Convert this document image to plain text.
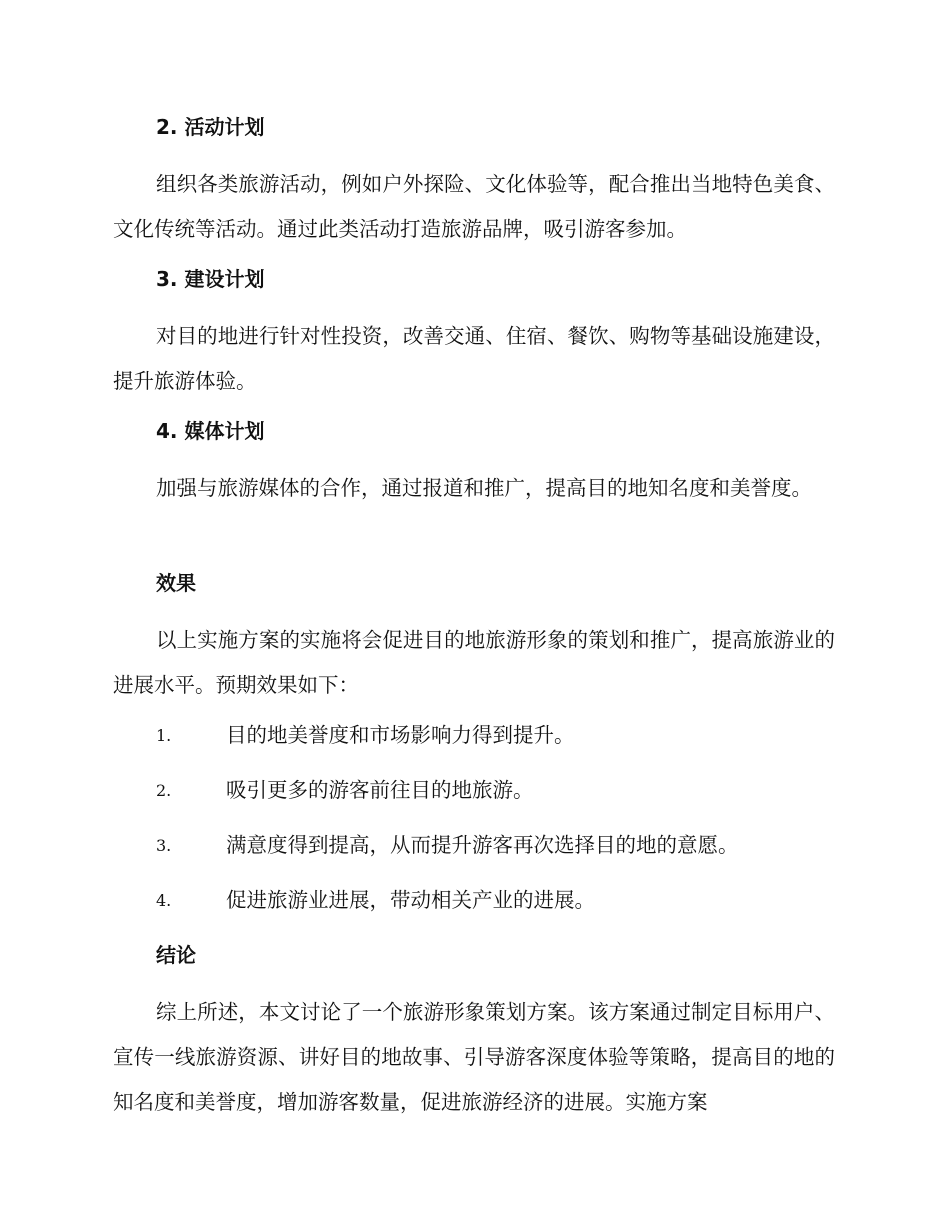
2. 活动计划

组织各类旅游活动，例如户外探险、文化体验等，配合推出当地特色美食、文化传统等活动。通过此类活动打造旅游品牌，吸引游客参加。

3. 建设计划

对目的地进行针对性投资，改善交通、住宿、餐饮、购物等基础设施建设，提升旅游体验。

4. 媒体计划

加强与旅游媒体的合作，通过报道和推广，提高目的地知名度和美誉度。

效果

以上实施方案的实施将会促进目的地旅游形象的策划和推广，提高旅游业的进展水平。预期效果如下：

1.	目的地美誉度和市场影响力得到提升。
2.	吸引更多的游客前往目的地旅游。
3.	满意度得到提高，从而提升游客再次选择目的地的意愿。
4.	促进旅游业进展，带动相关产业的进展。
结论

综上所述，本文讨论了一个旅游形象策划方案。该方案通过制定目标用户、宣传一线旅游资源、讲好目的地故事、引导游客深度体验等策略，提高目的地的知名度和美誉度，增加游客数量，促进旅游经济的进展。实施方案
